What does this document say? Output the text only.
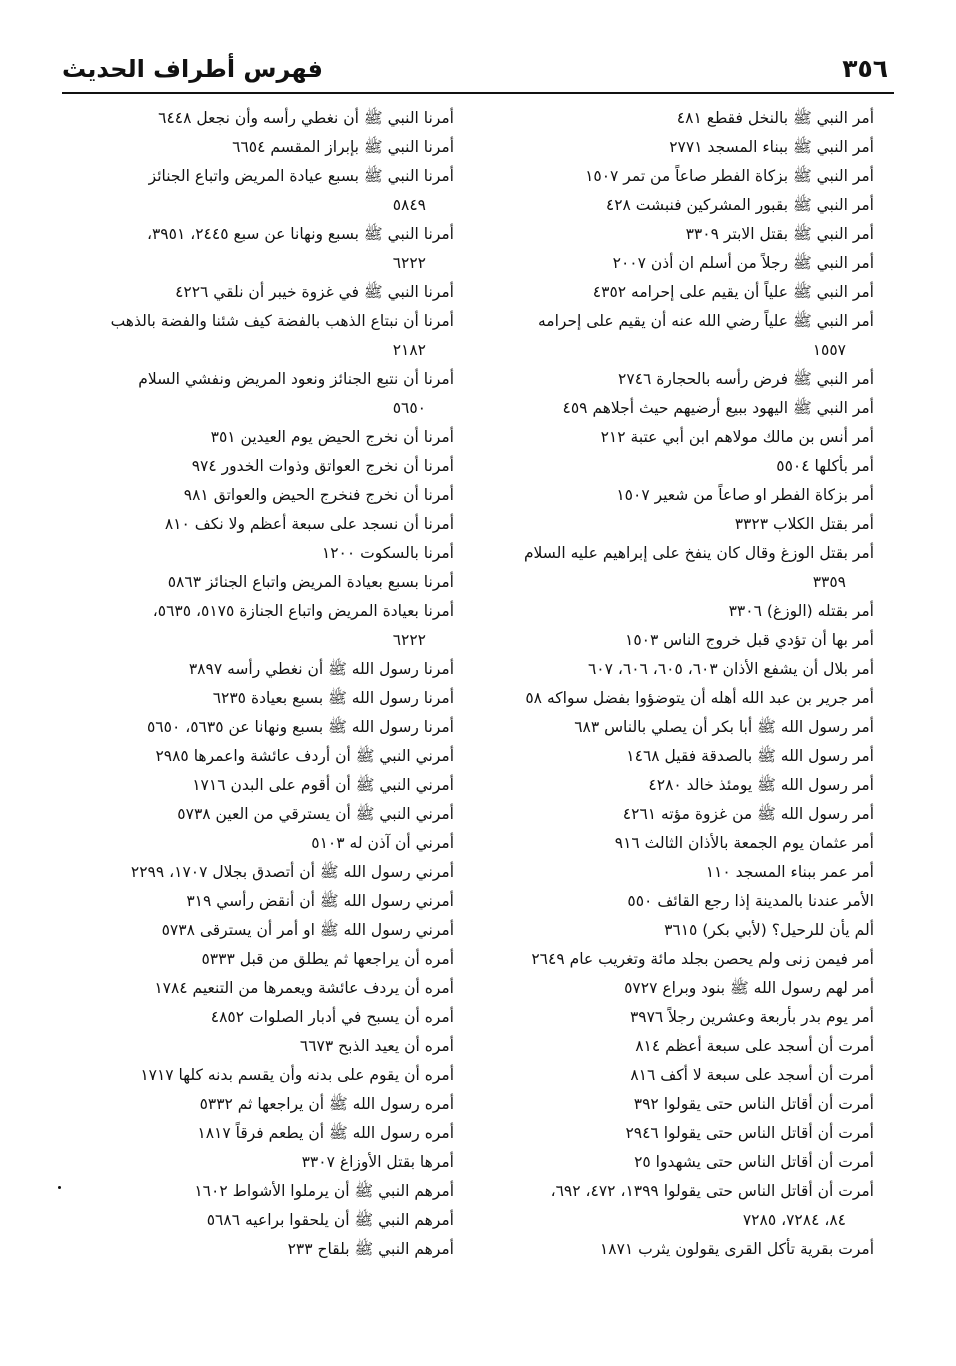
٣٥٦
فهرس أطراف الحديث
أمر النبي ﷺ بالنخل فقطع ٤٨١
أمر النبي ﷺ ببناء المسجد ٢٧٧١
أمر النبي ﷺ بزكاة الفطر صاعاً من تمر ١٥٠٧
أمر النبي ﷺ بقبور المشركين فنبشت ٤٢٨
أمر النبي ﷺ بقتل الابتر ٣٣٠٩
أمر النبي ﷺ رجلاً من أسلم ان أذن ٢٠٠٧
أمر النبي ﷺ علياً أن يقيم على إحرامه ٤٣٥٢
أمر النبي ﷺ علياً رضي الله عنه أن يقيم على إحرامه
١٥٥٧
أمر النبي ﷺ فرض رأسه بالحجارة ٢٧٤٦
أمر النبي ﷺ اليهود ببيع أرضيهم حيث أجلاهم ٤٥٩
أمر أنس بن مالك مولاهم ابن أبي عتبة ٢١٢
أمر بأكلها ٥٥٠٤
أمر بزكاة الفطر او صاعاً من شعير ١٥٠٧
أمر بقتل الكلاب ٣٣٢٣
أمر بقتل الوزغ وقال كان ينفخ على إبراهيم عليه السلام
٣٣٥٩
أمر بقتله (الوزغ) ٣٣٠٦
أمر بها أن تؤدي قبل خروج الناس ١٥٠٣
أمر بلال أن يشفع الأذان ٦٠٣، ٦٠٥، ٦٠٦، ٦٠٧
أمر جرير بن عبد الله أهله أن يتوضؤوا بفضل سواكه ٥٨
أمر رسول الله ﷺ أبا بكر أن يصلي بالناس ٦٨٣
أمر رسول الله ﷺ بالصدقة فقيل ١٤٦٨
أمر رسول الله ﷺ يومئذ خالد ٤٢٨٠
أمر رسول الله ﷺ من غزوة مؤته ٤٢٦١
أمر عثمان يوم الجمعة بالأذان الثالث ٩١٦
أمر عمر ببناء المسجد ١١٠
الأمر عندنا بالمدينة إذا رجع القائف ٥٥٠
ألم يأن للرحيل؟ (لأبي بكر) ٣٦١٥
أمر فيمن زنى ولم يحصن بجلد مائة وتغريب عام ٢٦٤٩
أمر لهم رسول الله ﷺ بنود وبراع ٥٧٢٧
أمر يوم بدر بأربعة وعشرين رجلاً ٣٩٧٦
أمرت أن أسجد على سبعة أعظم ٨١٤
أمرت أن أسجد على سبعة لا أكف ٨١٦
أمرت أن أقاتل الناس حتى يقولوا ٣٩٢
أمرت أن أقاتل الناس حتى يقولوا ٢٩٤٦
أمرت أن أقاتل الناس حتى يشهدوا ٢٥
أمرت أن أقاتل الناس حتى يقولوا ١٣٩٩، ٤٧٢، ٦٩٢،
٨٤، ٧٢٨٤، ٧٢٨٥
أمرت بقرية تأكل القرى يقولون يثرب ١٨٧١
أمرنا النبي ﷺ أن نغطي رأسه وأن نجعل ٦٤٤٨
أمرنا النبي ﷺ بإبراز المقسم ٦٦٥٤
أمرنا النبي ﷺ بسبع عيادة المريض واتباع الجنائز
٥٨٤٩
أمرنا النبي ﷺ بسبع ونهانا عن سبع ٢٤٤٥، ٣٩٥١،
٦٢٢٢
أمرنا النبي ﷺ في غزوة خيبر أن نلقي ٤٢٢٦
أمرنا أن نبتاع الذهب بالفضة كيف شئنا والفضة بالذهب
٢١٨٢
أمرنا أن نتبع الجنائز ونعود المريض ونفشي السلام
٥٦٥٠
أمرنا أن نخرج الحيض يوم العيدين ٣٥١
أمرنا أن نخرج العواتق وذوات الخدور ٩٧٤
أمرنا أن نخرج فنخرج الحيض والعواتق ٩٨١
أمرنا أن نسجد على سبعة أعظم ولا نكف ٨١٠
أمرنا بالسكوت ١٢٠٠
أمرنا بسبع بعيادة المريض واتباع الجنائز ٥٨٦٣
أمرنا بعيادة المريض واتباع الجنازة ٥١٧٥، ٥٦٣٥،
٦٢٢٢
أمرنا رسول الله ﷺ أن نغطي رأسه ٣٨٩٧
أمرنا رسول الله ﷺ بسبع بعيادة ٦٢٣٥
أمرنا رسول الله ﷺ بسبع ونهانا عن ٥٦٣٥، ٥٦٥٠
أمرني النبي ﷺ أن أردف عائشة واعمرها ٢٩٨٥
أمرني النبي ﷺ أن أقوم على البدن ١٧١٦
أمرني النبي ﷺ أن يسترقي من العين ٥٧٣٨
أمرني أن آذن له ٥١٠٣
أمرني رسول الله ﷺ أن أتصدق بجلال ١٧٠٧، ٢٢٩٩
أمرني رسول الله ﷺ أن أنقض رأسي ٣١٩
أمرني رسول الله ﷺ او أمر أن يسترقى ٥٧٣٨
أمره أن يراجعها ثم يطلق من قبل ٥٣٣٣
أمره أن يردف عائشة ويعمرها من التنعيم ١٧٨٤
أمره أن يسبح في أدبار الصلوات ٤٨٥٢
أمره أن يعيد الذبح ٦٦٧٣
أمره أن يقوم على بدنه وأن يقسم بدنه كلها ١٧١٧
أمره رسول الله ﷺ أن يراجعها ثم ٥٣٣٢
أمره رسول الله ﷺ أن يطعم فرقاً ١٨١٧
أمرها بقتل الأوزاغ ٣٣٠٧
أمرهم النبي ﷺ أن يرملوا الأشواط ١٦٠٢
أمرهم النبي ﷺ أن يلحقوا براعيه ٥٦٨٦
أمرهم النبي ﷺ بلقاح ٢٣٣
